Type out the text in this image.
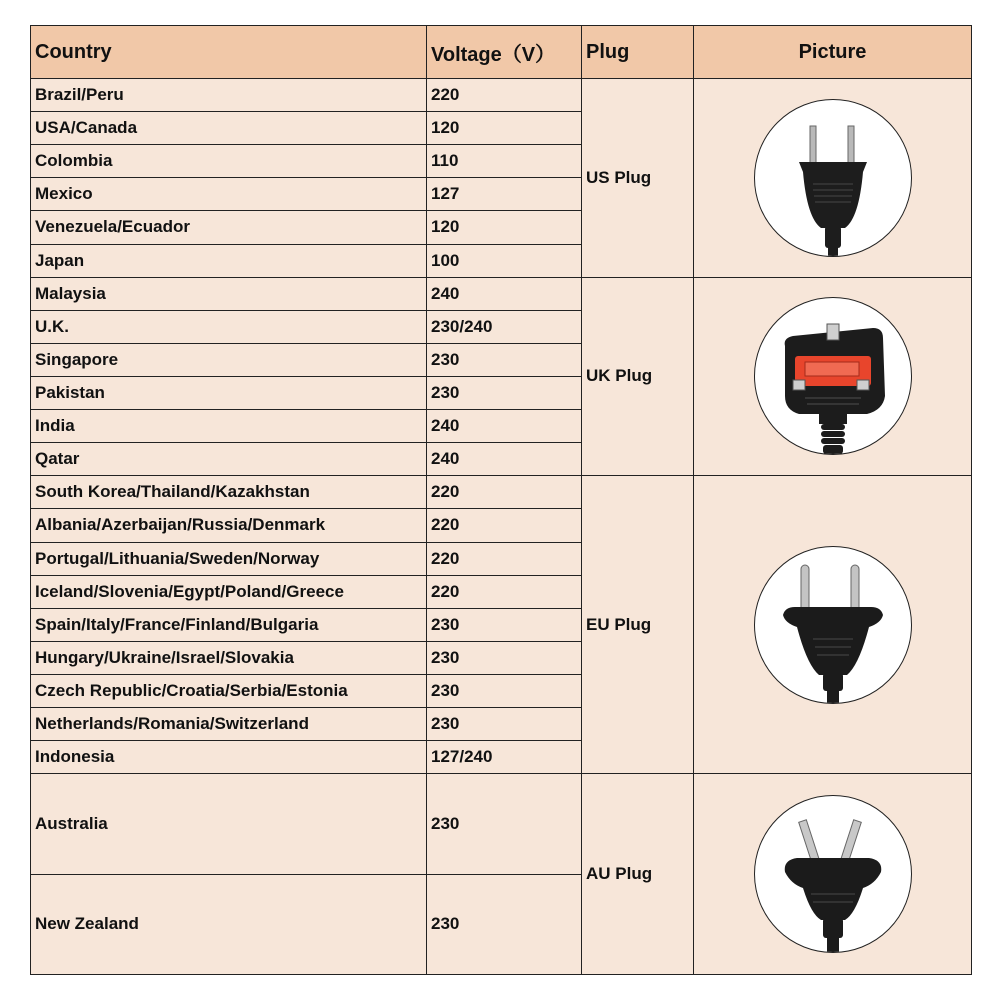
Country	Voltage（V）	Plug	Picture
Brazil/Peru	220	US Plug	

USA/Canada	120		
Colombia	110		
Mexico	127		
Venezuela/Ecuador	120		
Japan	100		
Malaysia	240	UK Plug	

U.K.	230/240		
Singapore	230		
Pakistan	230		
India	240		
Qatar	240		
South Korea/Thailand/Kazakhstan	220	EU Plug	

Albania/Azerbaijan/Russia/Denmark	220		
Portugal/Lithuania/Sweden/Norway	220		
Iceland/Slovenia/Egypt/Poland/Greece	220		
Spain/Italy/France/Finland/Bulgaria	230		
Hungary/Ukraine/Israel/Slovakia	230		
Czech Republic/Croatia/Serbia/Estonia	230		
Netherlands/Romania/Switzerland	230		
Indonesia	127/240		
Australia	230	AU Plug	

New Zealand	230		
